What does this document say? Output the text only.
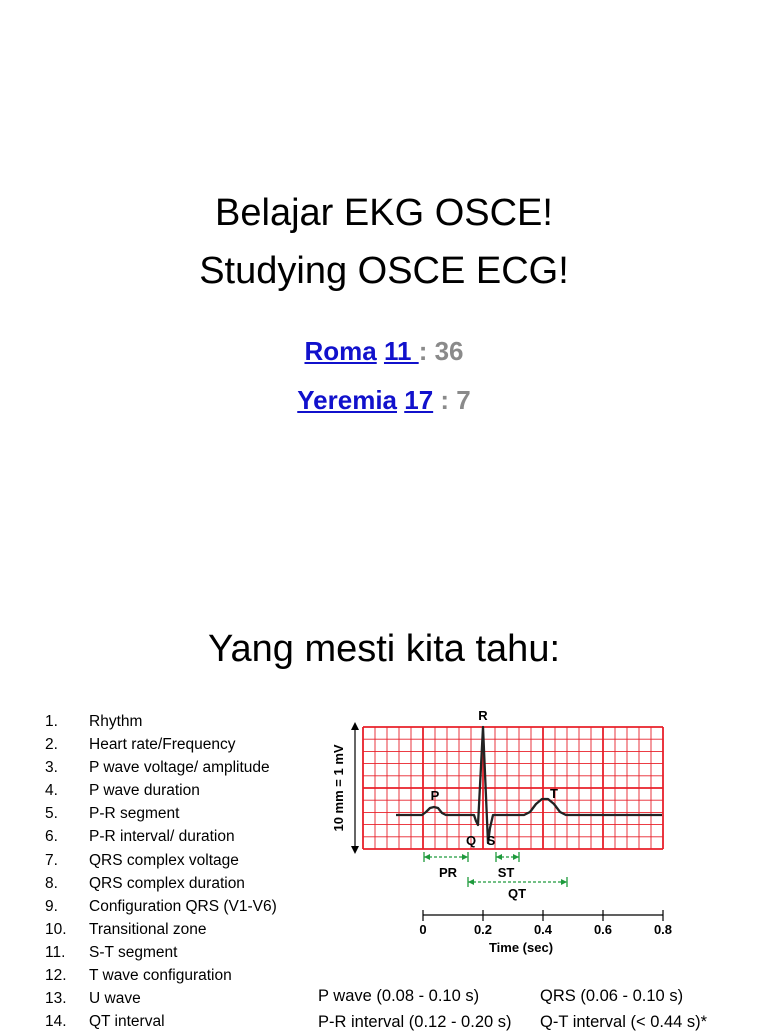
Belajar EKG OSCE!
Studying OSCE ECG!
Roma 11 : 36
Yeremia 17 : 7
Yang mesti kita tahu:
1.	Rhythm
2.	Heart rate/Frequency
3.	P wave voltage/ amplitude
4.	P wave duration
5.	P-R segment
6.	P-R interval/ duration
7.	QRS complex voltage
8.	QRS complex duration
9.	Configuration QRS (V1-V6)
10.	Transitional zone
11.	S-T segment
12.	T wave configuration
13.	U wave
14.	QT interval
10 mm = 1 mV
R
P	T
Q S
PR	ST
QT
0	0.2	0.4	0.6	0.8
Time (sec)
P wave (0.08 - 0.10 s)	QRS (0.06 - 0.10 s)
P-R interval (0.12 - 0.20 s) Q-T interval (< 0.44 s)*
